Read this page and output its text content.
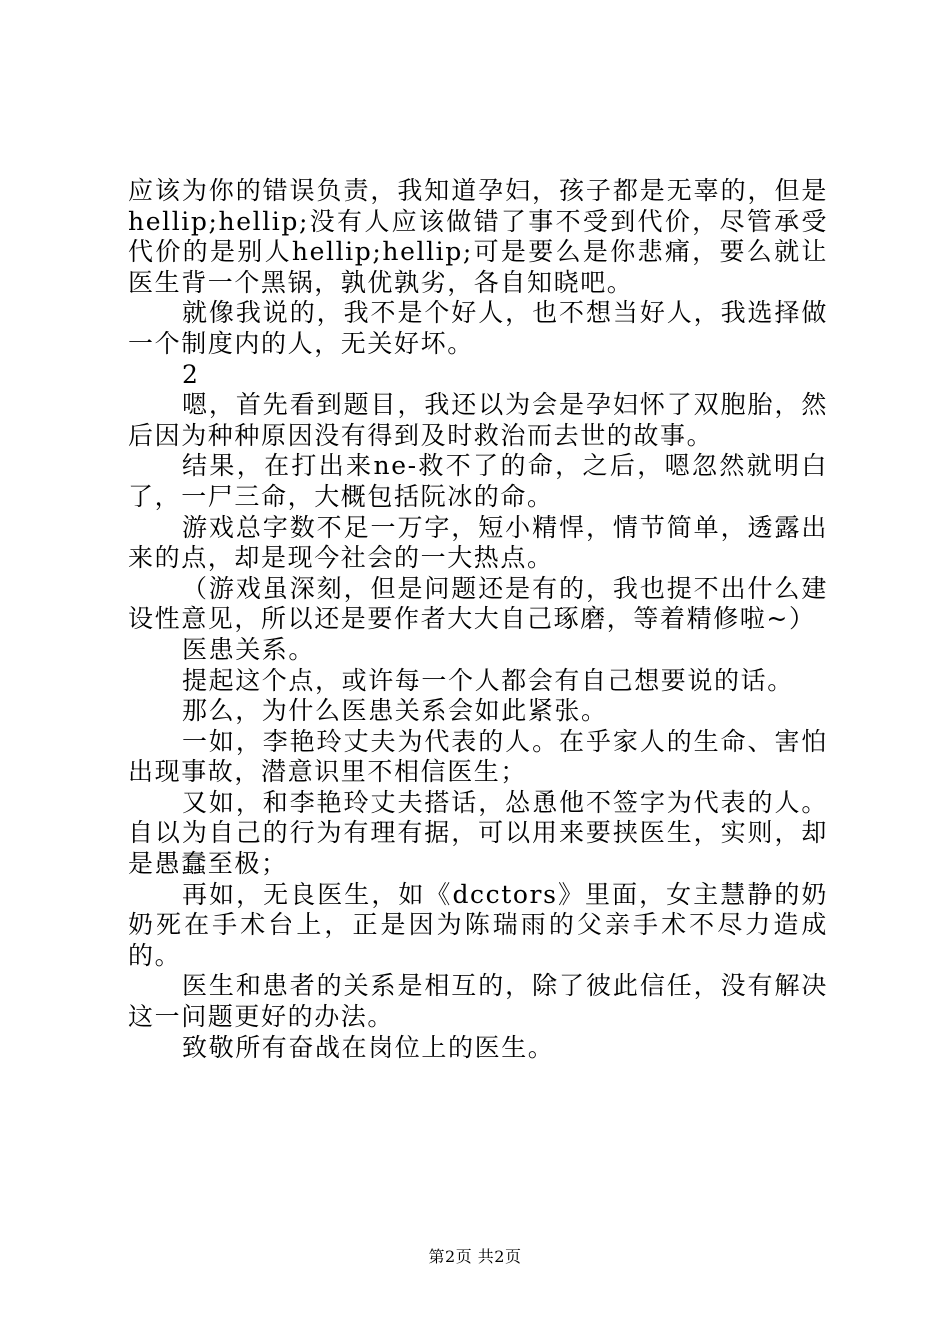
应该为你的错误负责，我知道孕妇，孩子都是无辜的，但是hellip;hellip;没有人应该做错了事不受到代价，尽管承受代价的是别人hellip;hellip;可是要么是你悲痛，要么就让医生背一个黑锅，孰优孰劣，各自知晓吧。

就像我说的，我不是个好人，也不想当好人，我选择做一个制度内的人，无关好坏。

2

嗯，首先看到题目，我还以为会是孕妇怀了双胞胎，然后因为种种原因没有得到及时救治而去世的故事。

结果，在打出来ne-救不了的命，之后，嗯忽然就明白了，一尸三命，大概包括阮冰的命。

游戏总字数不足一万字，短小精悍，情节简单，透露出来的点，却是现今社会的一大热点。

（游戏虽深刻，但是问题还是有的，我也提不出什么建设性意见，所以还是要作者大大自己琢磨，等着精修啦~）

医患关系。

提起这个点，或许每一个人都会有自己想要说的话。

那么，为什么医患关系会如此紧张。

一如，李艳玲丈夫为代表的人。在乎家人的生命、害怕出现事故，潜意识里不相信医生；

又如，和李艳玲丈夫搭话，怂恿他不签字为代表的人。自以为自己的行为有理有据，可以用来要挟医生，实则，却是愚蠢至极；

再如，无良医生，如《dcctors》里面，女主慧静的奶奶死在手术台上，正是因为陈瑞雨的父亲手术不尽力造成的。

医生和患者的关系是相互的，除了彼此信任，没有解决这一问题更好的办法。

致敬所有奋战在岗位上的医生。

第2页 共2页
